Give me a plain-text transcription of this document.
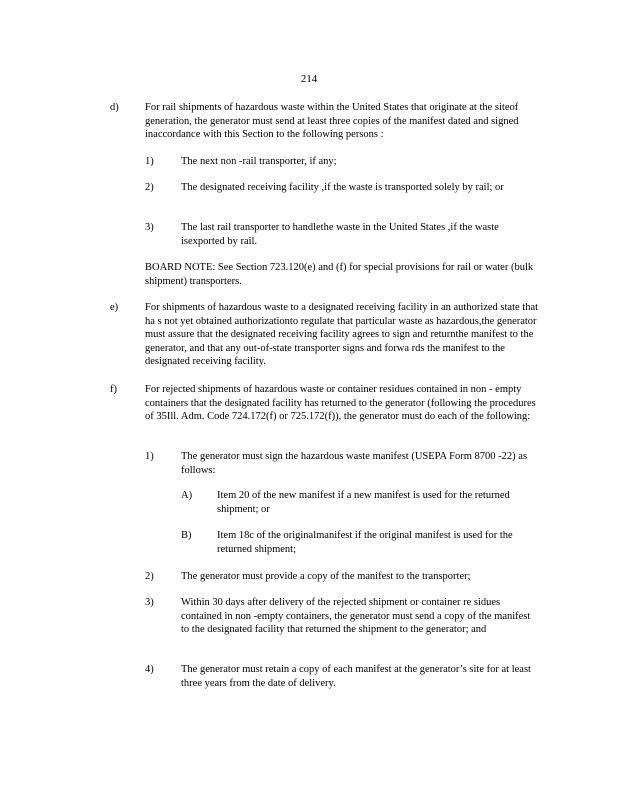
214
d)	For rail shipments of hazardous waste within the United States that originate at the siteof generation, the generator must send at least three copies of the manifest dated and signed inaccordance with this Section to the following persons :
1)	The next non -rail transporter, if any;
2)	The designated receiving facility ,if the waste is transported solely by rail; or
3)	The last rail transporter to handlethe waste in the United States ,if the waste isexported by rail.
BOARD NOTE: See Section 723.120(e) and (f) for special provisions for rail or water (bulk shipment) transporters.
e)	For shipments of hazardous waste to a designated receiving facility in an authorized state that ha s not yet obtained authorizationto regulate that particular waste as hazardous,the generator must assure that the designated receiving facility agrees to sign and returnthe manifest to the generator, and that any out-of-state transporter signs and forwa rds the manifest to the designated receiving facility.
f)	For rejected shipments of hazardous waste or container residues contained in non - empty containers that the designated facility has returned to the generator (following the procedures of 35Ill. Adm. Code 724.172(f) or 725.172(f)), the generator must do each of the following:
1)	The generator must sign the hazardous waste manifest (USEPA Form 8700 -22) as follows:
A) Item 20 of the new manifest if a new manifest is used for the returned shipment; or
B) Item 18c of the originalmanifest if the original manifest is used for the returned shipment;
2)	The generator must provide a copy of the manifest to the transporter;
3)	Within 30 days after delivery of the rejected shipment or container re sidues contained in non -empty containers, the generator must send a copy of the manifest to the designated facility that returned the shipment to the generator; and
4)	The generator must retain a copy of each manifest at the generator’s site for at least three years from the date of delivery.
